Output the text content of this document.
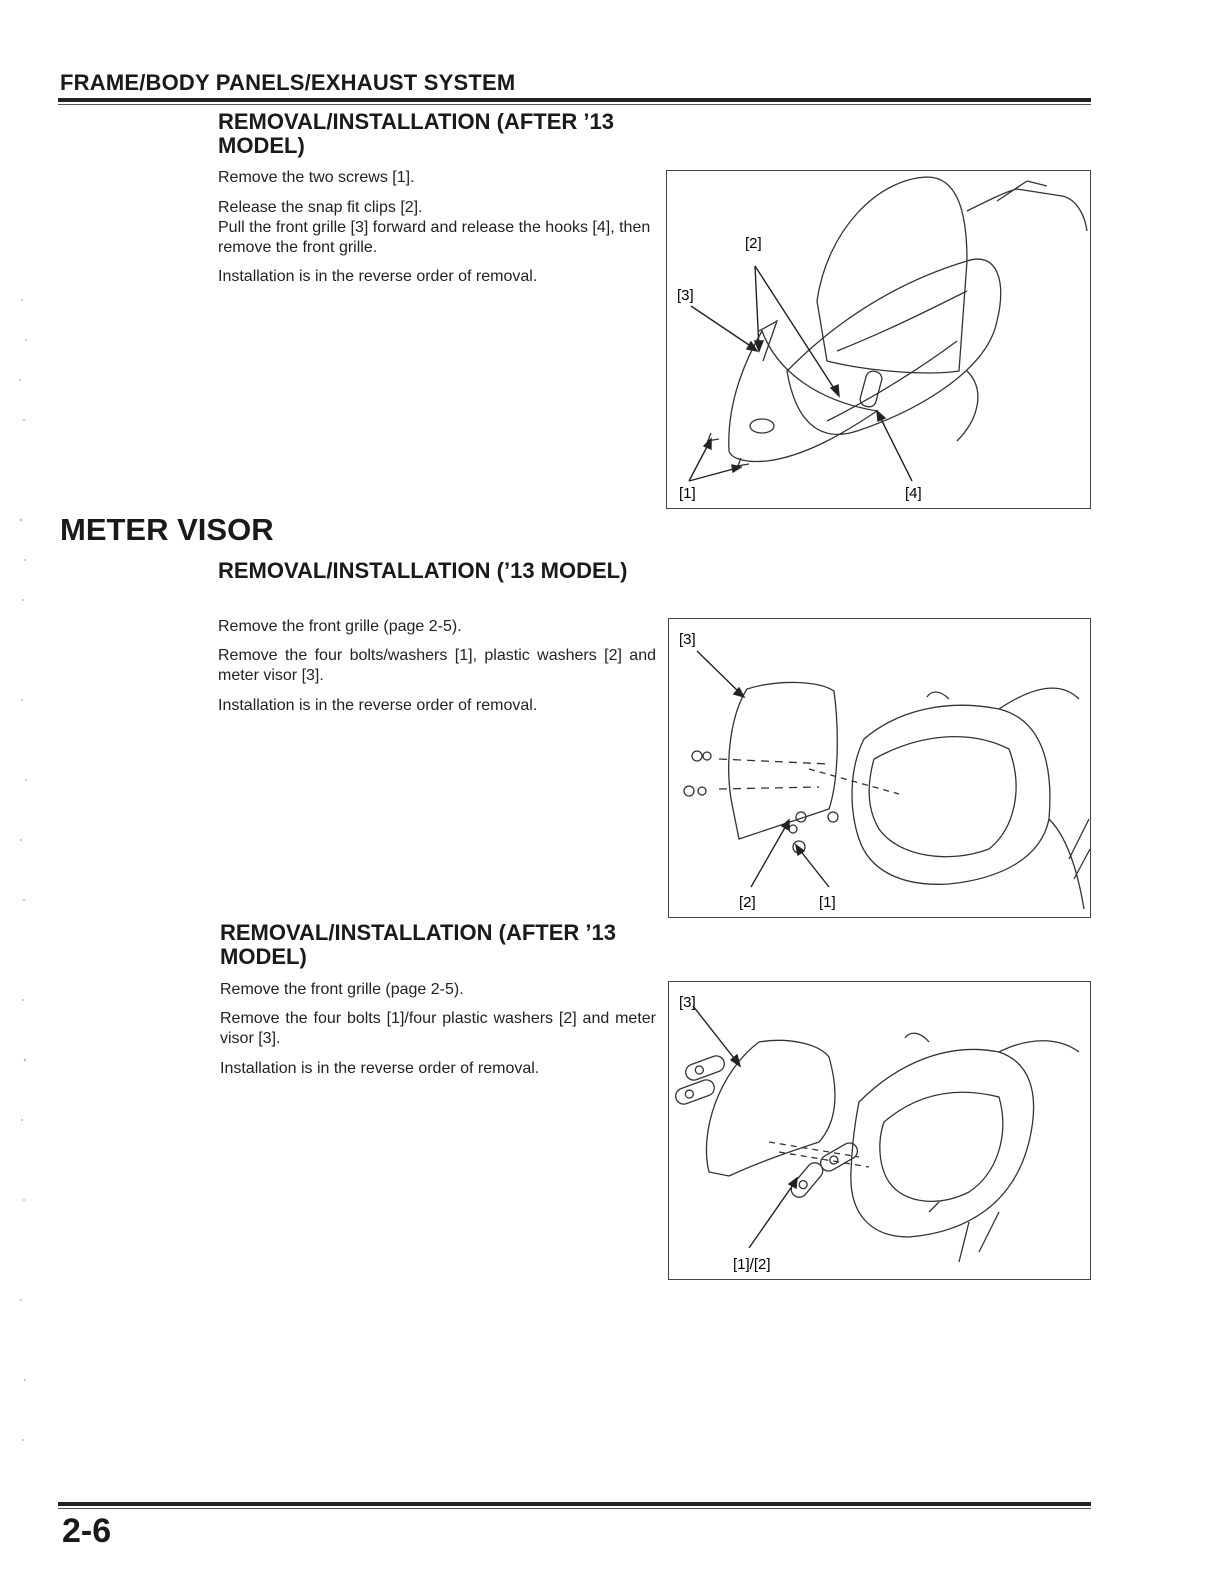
FRAME/BODY PANELS/EXHAUST SYSTEM
REMOVAL/INSTALLATION (AFTER ’13 MODEL)
Remove the two screws [1].
Release the snap fit clips [2].
Pull the front grille [3] forward and release the hooks [4], then remove the front grille.
Installation is in the reverse order of removal.
[1]
[2]
[3]
[4]
METER VISOR
REMOVAL/INSTALLATION (’13 MODEL)
Remove the front grille (page 2-5).
Remove the four bolts/washers [1], plastic washers [2] and meter visor [3].
Installation is in the reverse order of removal.
[3]
[2]	[1]
REMOVAL/INSTALLATION (AFTER ’13 MODEL)
Remove the front grille (page 2-5).
Remove the four bolts [1]/four plastic washers [2] and meter visor [3].
Installation is in the reverse order of removal.
[3]
[1]/[2]
2-6
